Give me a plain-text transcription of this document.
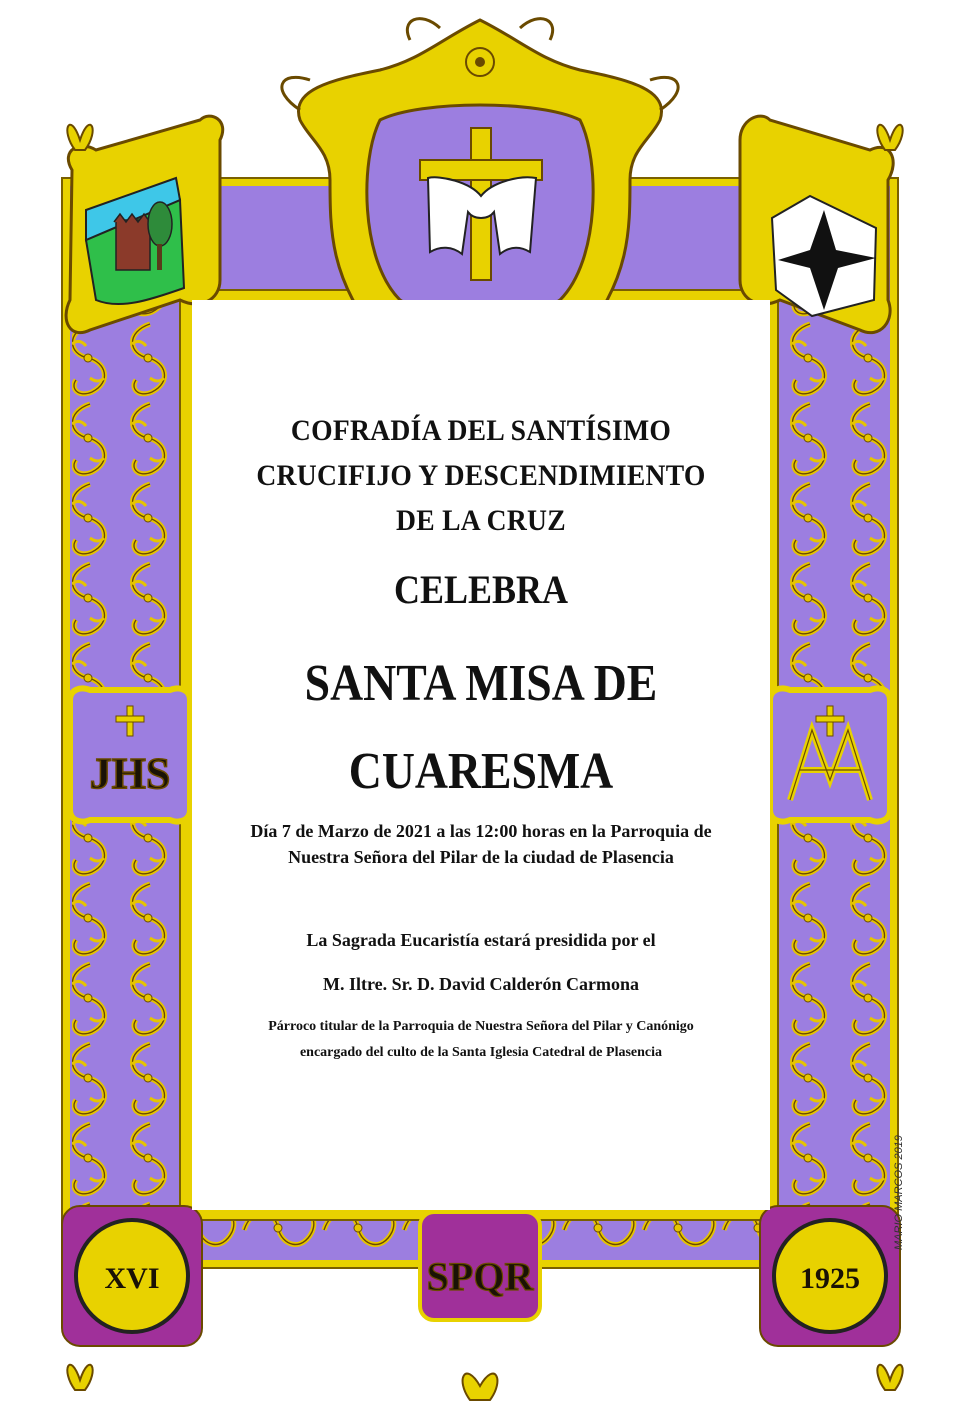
JHS
XVI	SPQR	1925
COFRADÍA DEL SANTÍSIMO
CRUCIFIJO Y DESCENDIMIENTO
DE LA CRUZ
CELEBRA
SANTA MISA DE
CUARESMA

Día 7 de Marzo de 2021 a las 12:00 horas en la Parroquia de Nuestra Señora del Pilar de la ciudad de Plasencia

La Sagrada Eucaristía estará presidida por el

M. Iltre. Sr. D. David Calderón Carmona

Párroco titular de la Parroquia de Nuestra Señora del Pilar y Canónigo encargado del culto de la Santa Iglesia Catedral de Plasencia

MARIO MARCOS 2019
